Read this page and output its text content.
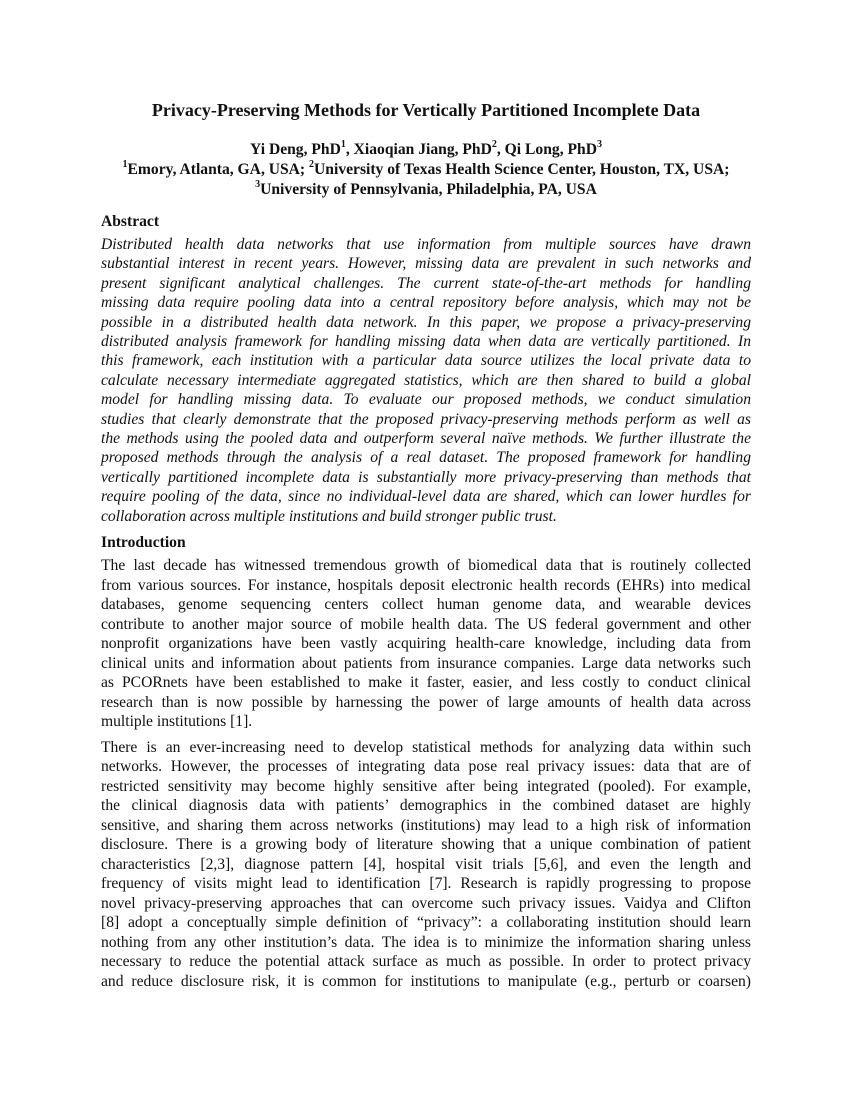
Privacy-Preserving Methods for Vertically Partitioned Incomplete Data
Yi Deng, PhD$^1$, Xiaoqian Jiang, PhD$^2$, Qi Long, PhD$^3$
$^1$Emory, Atlanta, GA, USA; $^2$University of Texas Health Science Center, Houston, TX, USA; $^3$University of Pennsylvania, Philadelphia, PA, USA
Abstract
Distributed health data networks that use information from multiple sources have drawn
substantial interest in recent years. However, missing data are prevalent in such networks and
present significant analytical challenges. The current state-of-the-art methods for handling
missing data require pooling data into a central repository before analysis, which may not be
possible in a distributed health data network. In this paper, we propose a privacy-preserving
distributed analysis framework for handling missing data when data are vertically partitioned. In
this framework, each institution with a particular data source utilizes the local private data to
calculate necessary intermediate aggregated statistics, which are then shared to build a global
model for handling missing data. To evaluate our proposed methods, we conduct simulation
studies that clearly demonstrate that the proposed privacy-preserving methods perform as well as
the methods using the pooled data and outperform several naïve methods. We further illustrate the
proposed methods through the analysis of a real dataset. The proposed framework for handling
vertically partitioned incomplete data is substantially more privacy-preserving than methods that
require pooling of the data, since no individual-level data are shared, which can lower hurdles for
collaboration across multiple institutions and build stronger public trust.
Introduction
The last decade has witnessed tremendous growth of biomedical data that is routinely collected
from various sources. For instance, hospitals deposit electronic health records (EHRs) into medical
databases, genome sequencing centers collect human genome data, and wearable devices
contribute to another major source of mobile health data. The US federal government and other
nonprofit organizations have been vastly acquiring health-care knowledge, including data from
clinical units and information about patients from insurance companies. Large data networks such
as PCORnets have been established to make it faster, easier, and less costly to conduct clinical
research than is now possible by harnessing the power of large amounts of health data across
multiple institutions [1].
There is an ever-increasing need to develop statistical methods for analyzing data within such
networks. However, the processes of integrating data pose real privacy issues: data that are of
restricted sensitivity may become highly sensitive after being integrated (pooled). For example,
the clinical diagnosis data with patients’ demographics in the combined dataset are highly
sensitive, and sharing them across networks (institutions) may lead to a high risk of information
disclosure. There is a growing body of literature showing that a unique combination of patient
characteristics [2,3], diagnose pattern [4], hospital visit trials [5,6], and even the length and
frequency of visits might lead to identification [7]. Research is rapidly progressing to propose
novel privacy-preserving approaches that can overcome such privacy issues. Vaidya and Clifton
[8] adopt a conceptually simple definition of “privacy”: a collaborating institution should learn
nothing from any other institution’s data. The idea is to minimize the information sharing unless
necessary to reduce the potential attack surface as much as possible. In order to protect privacy
and reduce disclosure risk, it is common for institutions to manipulate (e.g., perturb or coarsen)
